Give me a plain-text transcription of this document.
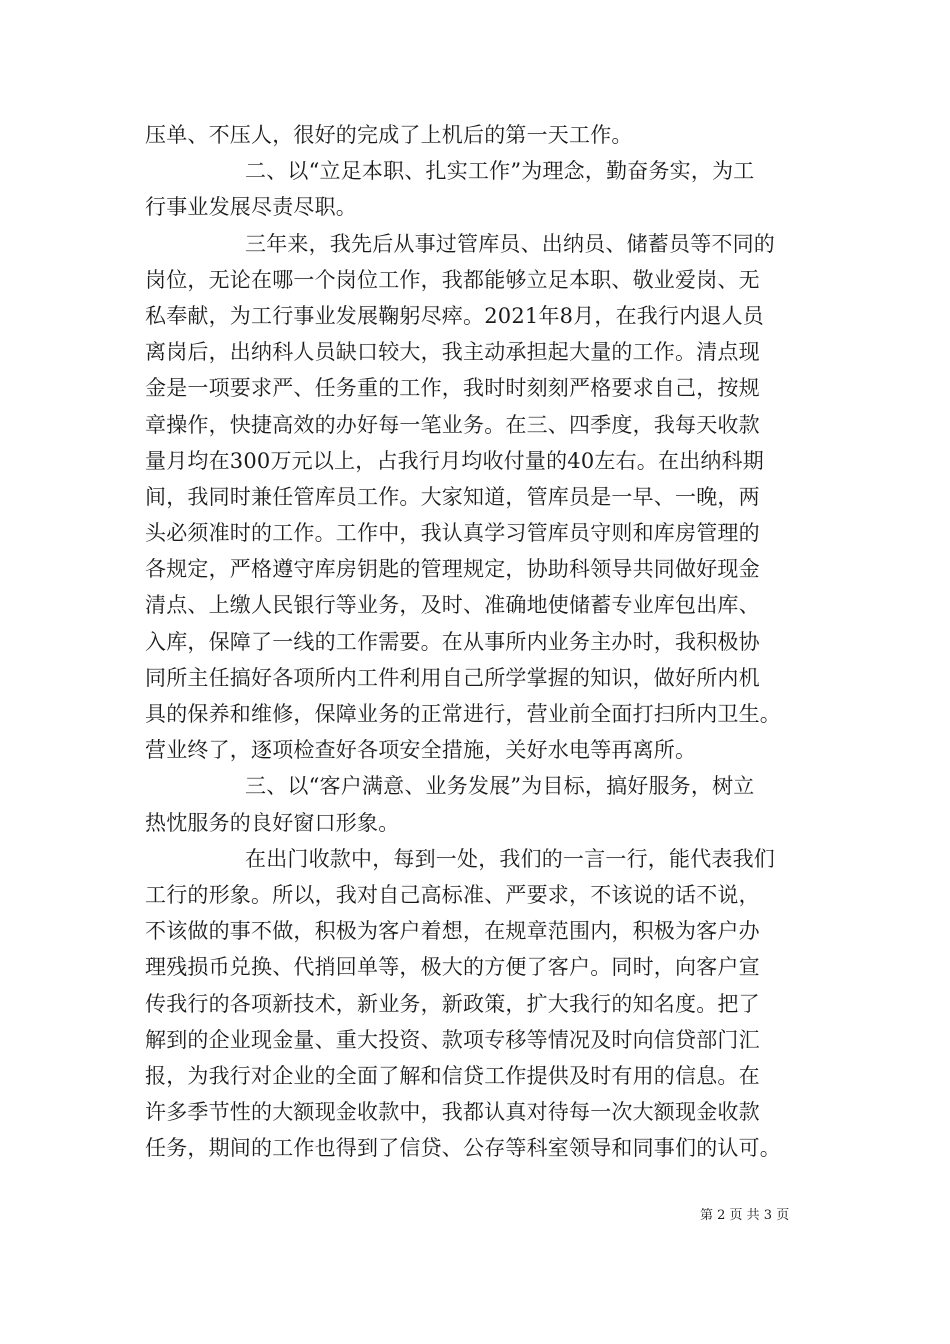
压单、不压人，很好的完成了上机后的第一天工作。
二、以“立足本职、扎实工作”为理念，勤奋务实，为工
行事业发展尽责尽职。
三年来，我先后从事过管库员、出纳员、储蓄员等不同的
岗位，无论在哪一个岗位工作，我都能够立足本职、敬业爱岗、无
私奉献，为工行事业发展鞠躬尽瘁。2021年8月，在我行内退人员
离岗后，出纳科人员缺口较大，我主动承担起大量的工作。清点现
金是一项要求严、任务重的工作，我时时刻刻严格要求自己，按规
章操作，快捷高效的办好每一笔业务。在三、四季度，我每天收款
量月均在300万元以上，占我行月均收付量的40左右。在出纳科期
间，我同时兼任管库员工作。大家知道，管库员是一早、一晚，两
头必须准时的工作。工作中，我认真学习管库员守则和库房管理的
各规定，严格遵守库房钥匙的管理规定，协助科领导共同做好现金
清点、上缴人民银行等业务，及时、准确地使储蓄专业库包出库、
入库，保障了一线的工作需要。在从事所内业务主办时，我积极协
同所主任搞好各项所内工件利用自己所学掌握的知识，做好所内机
具的保养和维修，保障业务的正常进行，营业前全面打扫所内卫生。
营业终了，逐项检查好各项安全措施，关好水电等再离所。
三、以“客户满意、业务发展”为目标，搞好服务，树立
热忱服务的良好窗口形象。
在出门收款中，每到一处，我们的一言一行，能代表我们
工行的形象。所以，我对自己高标准、严要求，不该说的话不说，
不该做的事不做，积极为客户着想，在规章范围内，积极为客户办
理残损币兑换、代捎回单等，极大的方便了客户。同时，向客户宣
传我行的各项新技术，新业务，新政策，扩大我行的知名度。把了
解到的企业现金量、重大投资、款项专移等情况及时向信贷部门汇
报，为我行对企业的全面了解和信贷工作提供及时有用的信息。在
许多季节性的大额现金收款中，我都认真对待每一次大额现金收款
任务，期间的工作也得到了信贷、公存等科室领导和同事们的认可。
第 2 页 共 3 页
